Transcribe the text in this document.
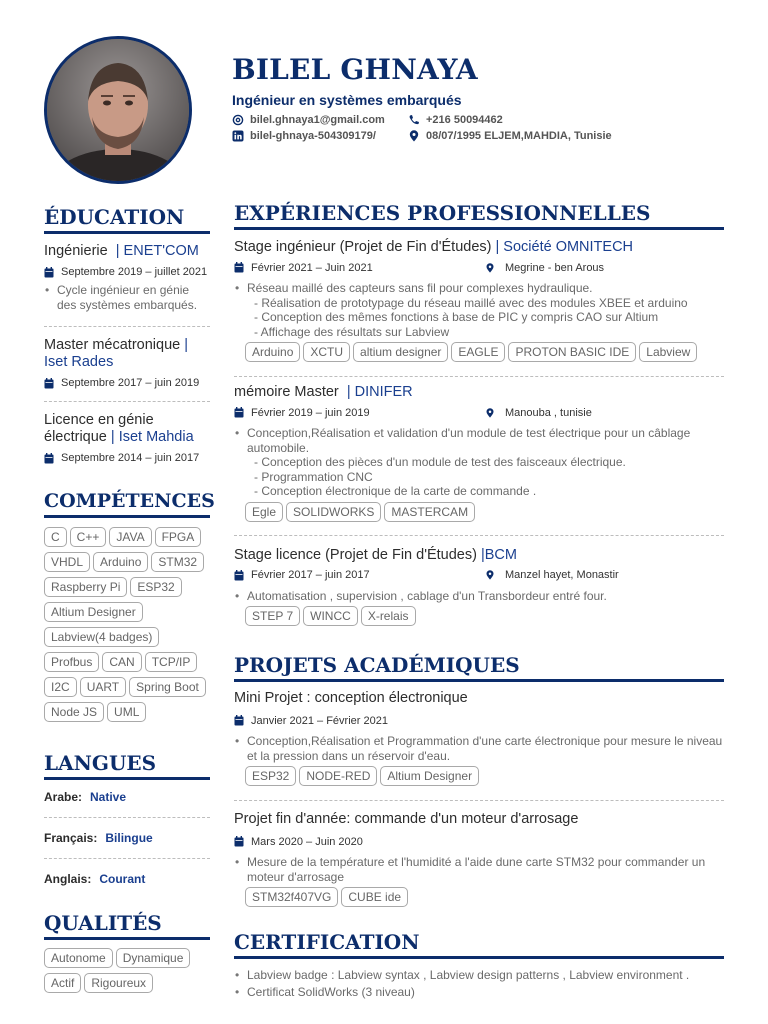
BILEL GHNAYA
Ingénieur en systèmes embarqués
bilel.ghnaya1@gmail.com	+216 50094462
bilel-ghnaya-504309179/	08/07/1995 ELJEM,MAHDIA, Tunisie
ÉDUCATION
Ingénierie | ENET'COM
Septembre 2019 – juillet 2021
• Cycle ingénieur en génie des systèmes embarqués.
Master mécatronique | Iset Rades
Septembre 2017 – juin 2019
Licence en génie électrique | Iset Mahdia
Septembre 2014 – juin 2017
COMPÉTENCES
C	C++	JAVA	FPGA
VHDL	Arduino	STM32
Raspberry Pi	ESP32
Altium Designer
Labview(4 badges)
Profbus	CAN	TCP/IP
I2C	UART	Spring Boot
Node JS	UML
LANGUES
Arabe: Native
Français: Bilingue
Anglais: Courant
QUALITÉS
Autonome	Dynamique
Actif	Rigoureux
EXPÉRIENCES PROFESSIONNELLES
Stage ingénieur (Projet de Fin d'Études) | Société OMNITECH
Février 2021 – Juin 2021	Megrine - ben Arous
• Réseau maillé des capteurs sans fil pour complexes hydraulique.
- Réalisation de prototypage du réseau maillé avec des modules XBEE et arduino
- Conception des mêmes fonctions à base de PIC y compris CAO sur Altium
- Affichage des résultats sur Labview
Arduino	XCTU	altium designer	EAGLE	PROTON BASIC IDE	Labview
mémoire Master | DINIFER
Février 2019 – juin 2019	Manouba , tunisie
• Conception,Réalisation et validation d'un module de test électrique pour un câblage automobile.
- Conception des pièces d'un module de test des faisceaux électrique.
- Programmation CNC
- Conception électronique de la carte de commande .
Egle	SOLIDWORKS	MASTERCAM
Stage licence (Projet de Fin d'Études) |BCM
Février 2017 – juin 2017	Manzel hayet, Monastir
• Automatisation , supervision , cablage d'un Transbordeur entré four.
STEP 7	WINCC	X-relais
PROJETS ACADÉMIQUES
Mini Projet : conception électronique
Janvier 2021 – Février 2021
• Conception,Réalisation et Programmation d'une carte électronique pour mesure le niveau et la pression dans un réservoir d'eau.
ESP32	NODE-RED	Altium Designer
Projet fin d'année: commande d'un moteur d'arrosage
Mars 2020 – Juin 2020
• Mesure de la température et l'humidité a l'aide dune carte STM32 pour commander un moteur d'arrosage
STM32f407VG	CUBE ide
CERTIFICATION
• Labview badge : Labview syntax , Labview design patterns , Labview environment .
• Certificat SolidWorks (3 niveau)
